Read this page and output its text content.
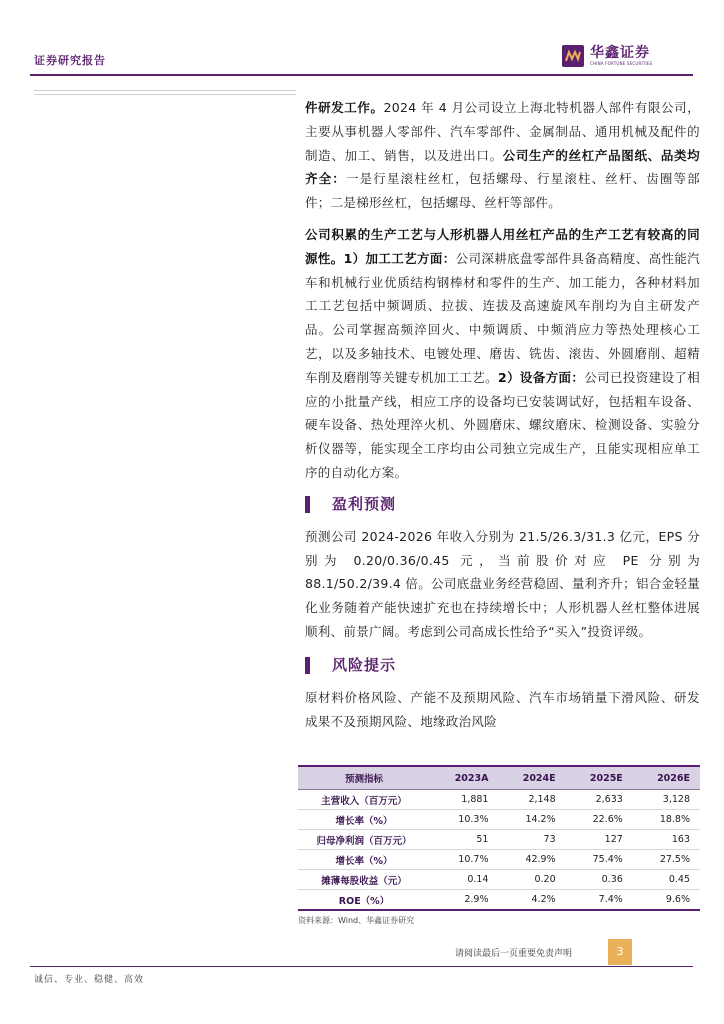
证券研究报告	华鑫证券
CHINA FORTUNE SECURITIES

件研发工作。2024 年 4 月公司设立上海北特机器人部件有限公司，主要从事机器人零部件、汽车零部件、金属制品、通用机械及配件的制造、加工、销售，以及进出口。公司生产的丝杠产品图纸、品类均齐全：一是行星滚柱丝杠，包括螺母、行星滚柱、丝杆、齿圈等部件；二是梯形丝杠，包括螺母、丝杆等部件。

公司积累的生产工艺与人形机器人用丝杠产品的生产工艺有较高的同源性。1）加工工艺方面：公司深耕底盘零部件具备高精度、高性能汽车和机械行业优质结构钢棒材和零件的生产、加工能力，各种材料加工工艺包括中频调质、拉拔、连拔及高速旋风车削均为自主研发产品。公司掌握高频淬回火、中频调质、中频消应力等热处理核心工艺，以及多轴技术、电镀处理、磨齿、铣齿、滚齿、外圆磨削、超精车削及磨削等关键专机加工工艺。2）设备方面：公司已投资建设了相应的小批量产线，相应工序的设备均已安装调试好，包括粗车设备、硬车设备、热处理淬火机、外圆磨床、螺纹磨床、检测设备、实验分析仪器等，能实现全工序均由公司独立完成生产，且能实现相应单工序的自动化方案。

盈利预测

预测公司 2024-2026 年收入分别为 21.5/26.3/31.3 亿元，EPS 分别为 0.20/0.36/0.45 元，当前股价对应 PE 分别为 88.1/50.2/39.4 倍。公司底盘业务经营稳固、量利齐升；铝合金轻量化业务随着产能快速扩充也在持续增长中；人形机器人丝杠整体进展顺利、前景广阔。考虑到公司高成长性给予“买入”投资评级。

风险提示

原材料价格风险、产能不及预期风险、汽车市场销量下滑风险、研发成果不及预期风险、地缘政治风险

预测指标	2023A	2024E	2025E	2026E
主营收入（百万元）	1,881	2,148	2,633	3,128
增长率（%）	10.3%	14.2%	22.6%	18.8%
归母净利润（百万元）	51	73	127	163
增长率（%）	10.7%	42.9%	75.4%	27.5%
摊薄每股收益（元）	0.14	0.20	0.36	0.45
ROE（%）	2.9%	4.2%	7.4%	9.6%
资料来源：Wind、华鑫证券研究
请阅读最后一页重要免责声明	3
诚信、专业、稳健、高效
